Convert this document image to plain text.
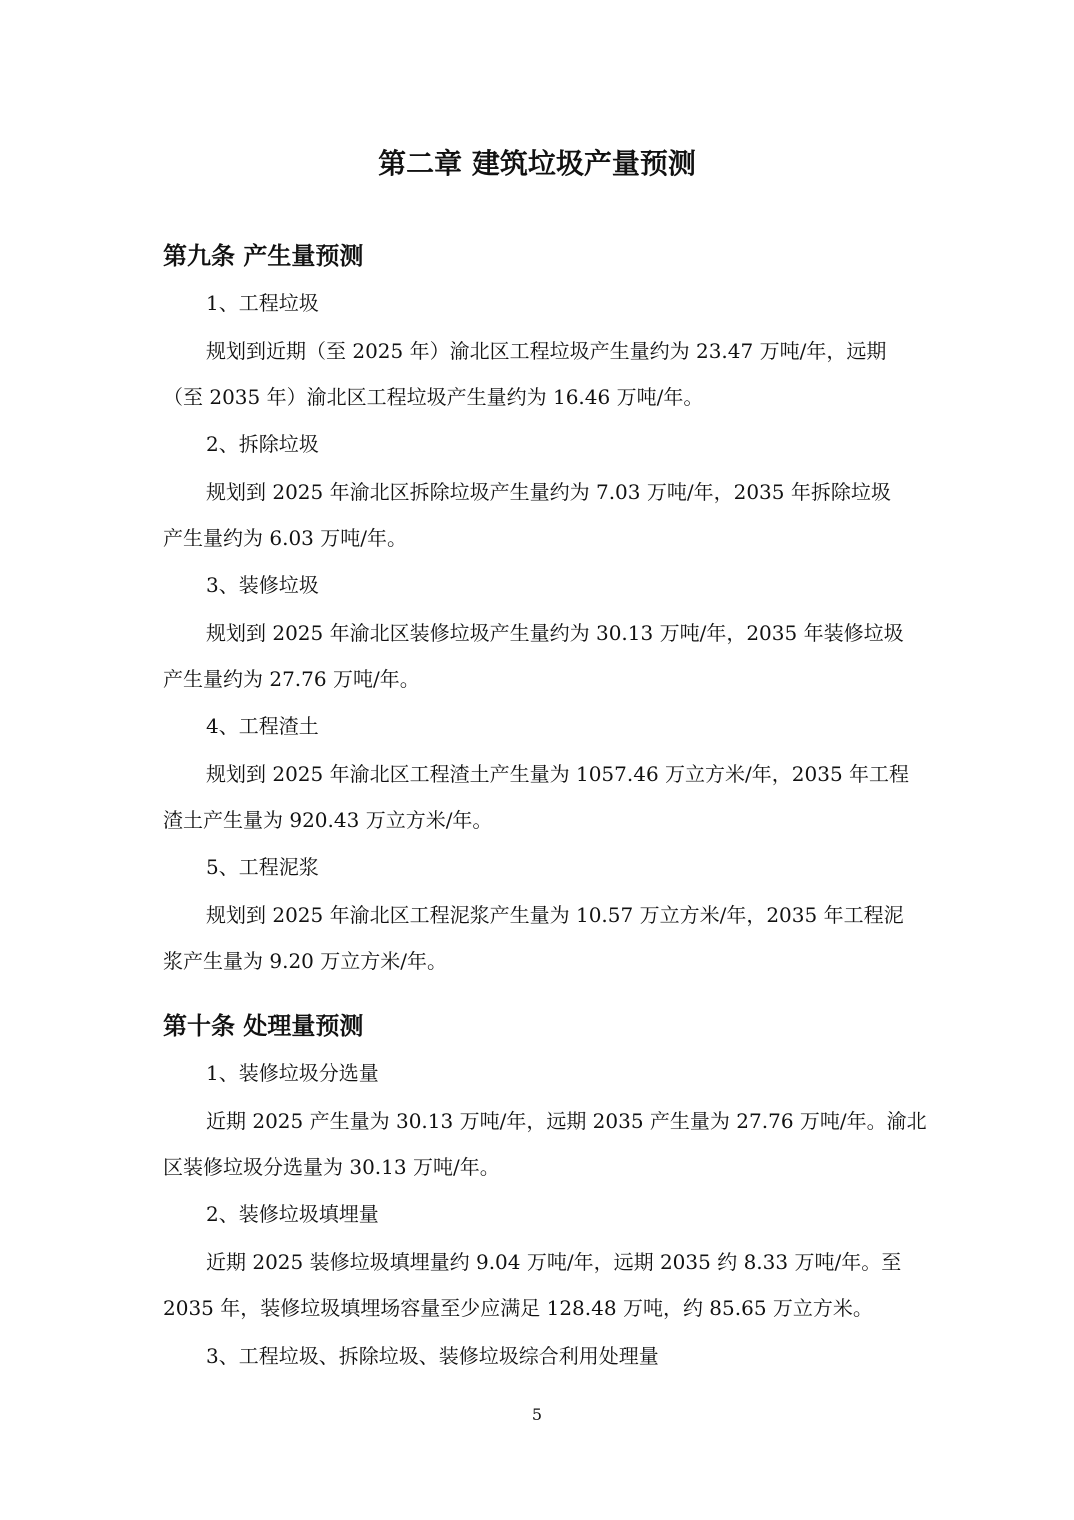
第二章 建筑垃圾产量预测
第九条 产生量预测

1、工程垃圾

规划到近期（至 2025 年）渝北区工程垃圾产生量约为 23.47 万吨/年，远期

（至 2035 年）渝北区工程垃圾产生量约为 16.46 万吨/年。

2、拆除垃圾

规划到 2025 年渝北区拆除垃圾产生量约为 7.03 万吨/年，2035 年拆除垃圾

产生量约为 6.03 万吨/年。

3、装修垃圾

规划到 2025 年渝北区装修垃圾产生量约为 30.13 万吨/年，2035 年装修垃圾

产生量约为 27.76 万吨/年。

4、工程渣土

规划到 2025 年渝北区工程渣土产生量为 1057.46 万立方米/年，2035 年工程

渣土产生量为 920.43 万立方米/年。

5、工程泥浆

规划到 2025 年渝北区工程泥浆产生量为 10.57 万立方米/年，2035 年工程泥

浆产生量为 9.20 万立方米/年。

第十条 处理量预测

1、装修垃圾分选量

近期 2025 产生量为 30.13 万吨/年，远期 2035 产生量为 27.76 万吨/年。渝北

区装修垃圾分选量为 30.13 万吨/年。

2、装修垃圾填埋量

近期 2025 装修垃圾填埋量约 9.04 万吨/年，远期 2035 约 8.33 万吨/年。至

2035 年，装修垃圾填埋场容量至少应满足 128.48 万吨，约 85.65 万立方米。

3、工程垃圾、拆除垃圾、装修垃圾综合利用处理量

5
